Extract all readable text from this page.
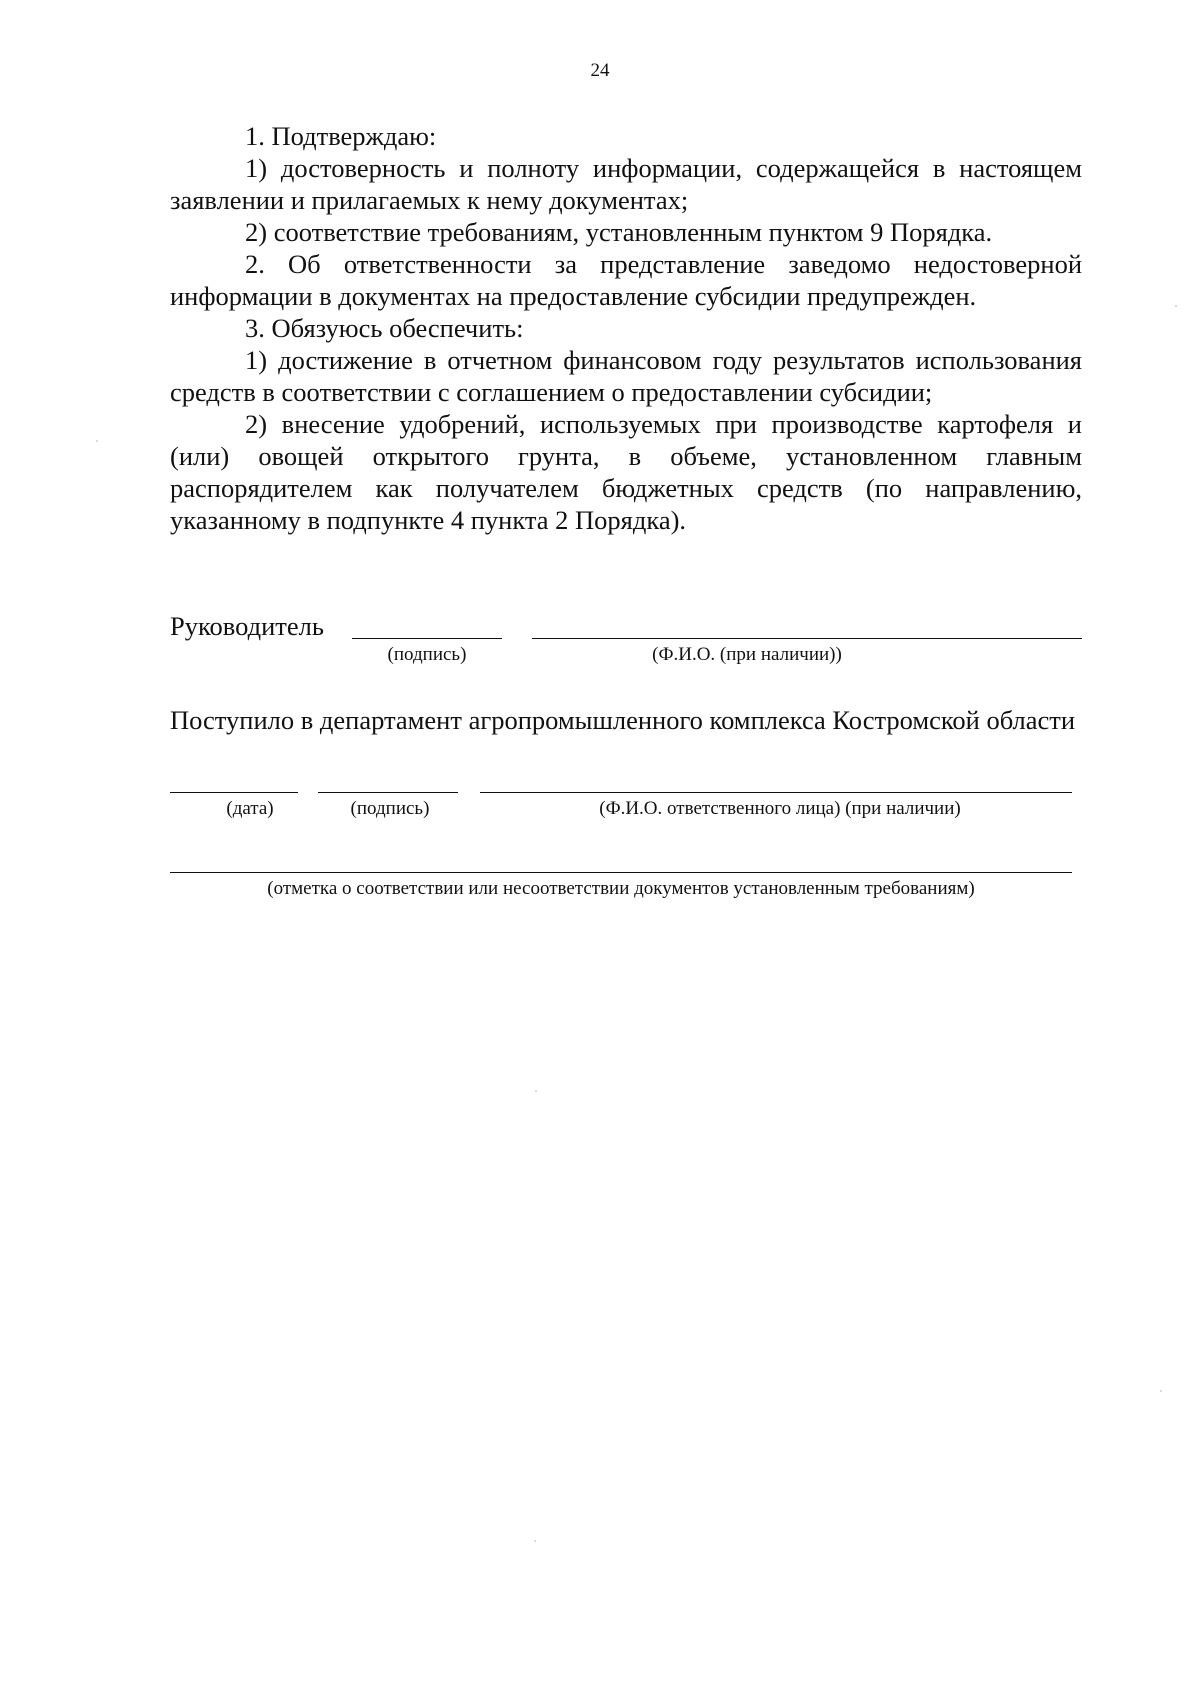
24

1. Подтверждаю:

1) достоверность и полноту информации, содержащейся в настоящем заявлении и прилагаемых к нему документах;

2) соответствие требованиям, установленным пунктом 9 Порядка.

2. Об ответственности за представление заведомо недостоверной информации в документах на предоставление субсидии предупрежден.

3. Обязуюсь обеспечить:

1) достижение в отчетном финансовом году результатов использования средств в соответствии с соглашением о предоставлении субсидии;

2) внесение удобрений, используемых при производстве картофеля и (или) овощей открытого грунта, в объеме, установленном главным распорядителем как получателем бюджетных средств (по направлению, указанному в подпункте 4 пункта 2 Порядка).

Руководитель
(подпись)	(Ф.И.О. (при наличии))

Поступило в департамент агропромышленного комплекса Костромской области

(дата)	(подпись)	(Ф.И.О. ответственного лица) (при наличии)
(отметка о соответствии или несоответствии документов установленным требованиям)
